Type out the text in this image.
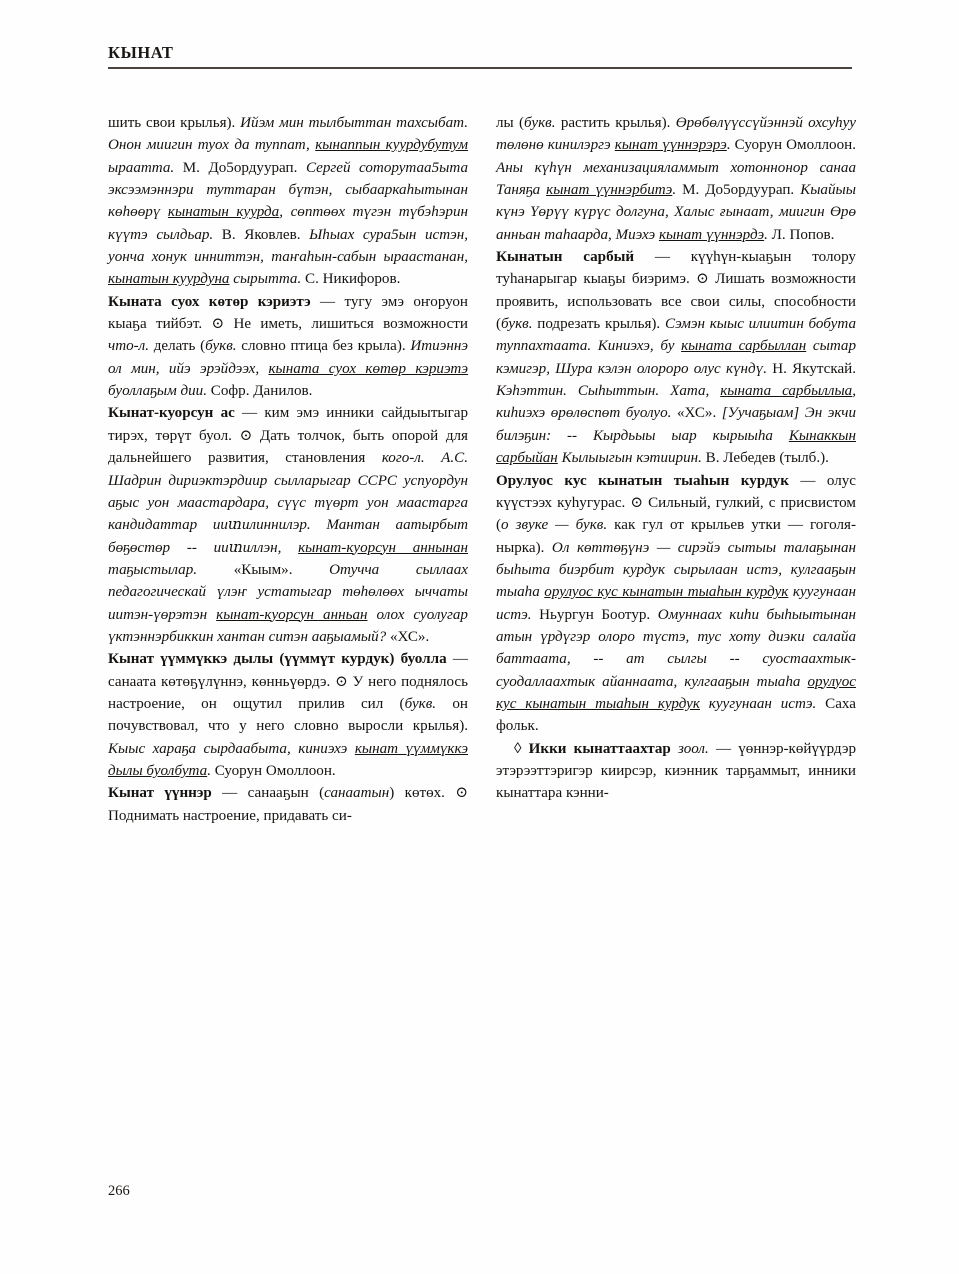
КЫНАТ

шить свои крылья). Ийэм мин тылбыттан тахсыбат. Онон миигин туох да туппат, кынаппын куурдубутум ыраатта. М. До5ордуурап. Сергей соторутаа5ыта эксээмэннэри туттаран бүтэн, сыбааркаһытынан көһөөрү кынатын куурда, сөптөөх түгэн түбэһэрин күүтэ сылдьар. В. Яковлев. Ыһыах сура5ын истэн, уонча хонук инниттэн, таҥаһын-сабын ыраастанан, кынатын куурдуна сырытта. С. Никифоров.

Кыната суох көтөр кэриэтэ — тугу эмэ оҥоруон кыаҕа тийбэт. ⊙ Не иметь, лишиться возможности что-л. делать (букв. словно птица без крыла). Итиэннэ ол мин, ийэ эрэйдээх, кыната суох көтөр кэриэтэ буоллаҕым дии. Софр. Данилов.

Кынат-куорсун ас — ким эмэ инники сайдыытыгар тирэх, төрүт буол. ⊙ Дать толчок, быть опорой для дальнейшего развития, становления кого-л. А.С. Шадрин дириэктэрдиир сылларыгар ССРС успуордун аҕыс уон маастардара, сүүс түөрт уон маастарга кандидаттар ииտилиннилэр. Мантан аатырбыт бөҕөстөр -- ииտиллэн, кынат-куорсун аннынан таҕыстылар. «Кыым». Отучча сыллаах педагогическай үлэҥ устатыгар төһөлөөх ыччаты иитэн-үөрэтэн кынат-куорсун анньан олох суолугар үктэннэрбиккин хантан ситэн ааҕыамый? «ХС».

Кынат үүммүккэ дылы (үүммүт курдук) буолла — санаата көтөҕүлүннэ, көнньүөрдэ. ⊙ У него поднялось настроение, он ощутил прилив сил (букв. он почувствовал, что у него словно выросли крылья). Кыыс хараҕа сырдаабыта, киниэхэ кынат үүммүккэ дылы буолбута. Суорун Омоллоон.

Кынат үүннэр — санааҕын (санаатын) көтөх. ⊙ Поднимать настроение, придавать си-

лы (букв. растить крылья). Өрөбөлүүссүйэннэй охсуһуу төлөнө кинилэргэ кынат үүннэрэрэ. Суорун Омоллоон. Аны күһүн механизацияламмыт хотоннонор санаа Таняҕа кынат үүннэрбитэ. М. До5ордуурап. Кыайыы күнэ Үөрүү күрүс долгуна, Халыс ғынаат, миигин Өрө анньан таһаарда, Миэхэ кынат үүннэрдэ. Л. Попов.

Кынатын сарбый — күүһүн-кыаҕын толору туһанарыгар кыаҕы биэримэ. ⊙ Лишать возможности проявить, использовать все свои силы, способности (букв. подрезать крылья). Сэмэн кыыс илиитин бобута туппахтаата. Киниэхэ, бу кыната сарбыллан сытар кэмигэр, Шура кэлэн олороро олус күндү. Н. Якутскай. Кэһэттин. Сыһыттын. Хата, кыната сарбыллыа, киһиэхэ өрөлөспөт буолуо. «ХС». [Уучаҕыам] Эн экчи билэҕин: -- Кырдьыы ыар кырыыһа Кынаккын сарбыйан Кылыыгын кэтиирин. В. Лебедев (тылб.).

Орулуос кус кынатын тыаһын курдук — олус күүстээх куһугурас. ⊙ Сильный, гулкий, с присвистом (о звуке — букв. как гул от крыльев утки — гоголя-нырка). Ол көттөҕүнэ — сирэйэ сытыы талаҕынан быһыта биэрбит курдук сырылаан истэ, кулгааҕын тыаһа орулуос кус кынатын тыаһын курдук куугунаан истэ. Ньургун Боотур. Омуннаах киһи быһыытынан атын үрдүгэр олоро түстэ, тус хоту диэки салайа баттаата, -- ат сылгы -- суостаахтык-суодаллаахтык айаннаата, кулгааҕын тыаһа орулуос кус кынатын тыаһын курдук куугунаан истэ. Саха фольк.

◊ Икки кынаттаахтар зоол. — үөннэр-көйүүрдэр этэрээттэригэр киирсэр, киэнник тарҕаммыт, инники кынаттара кэнни-

266
